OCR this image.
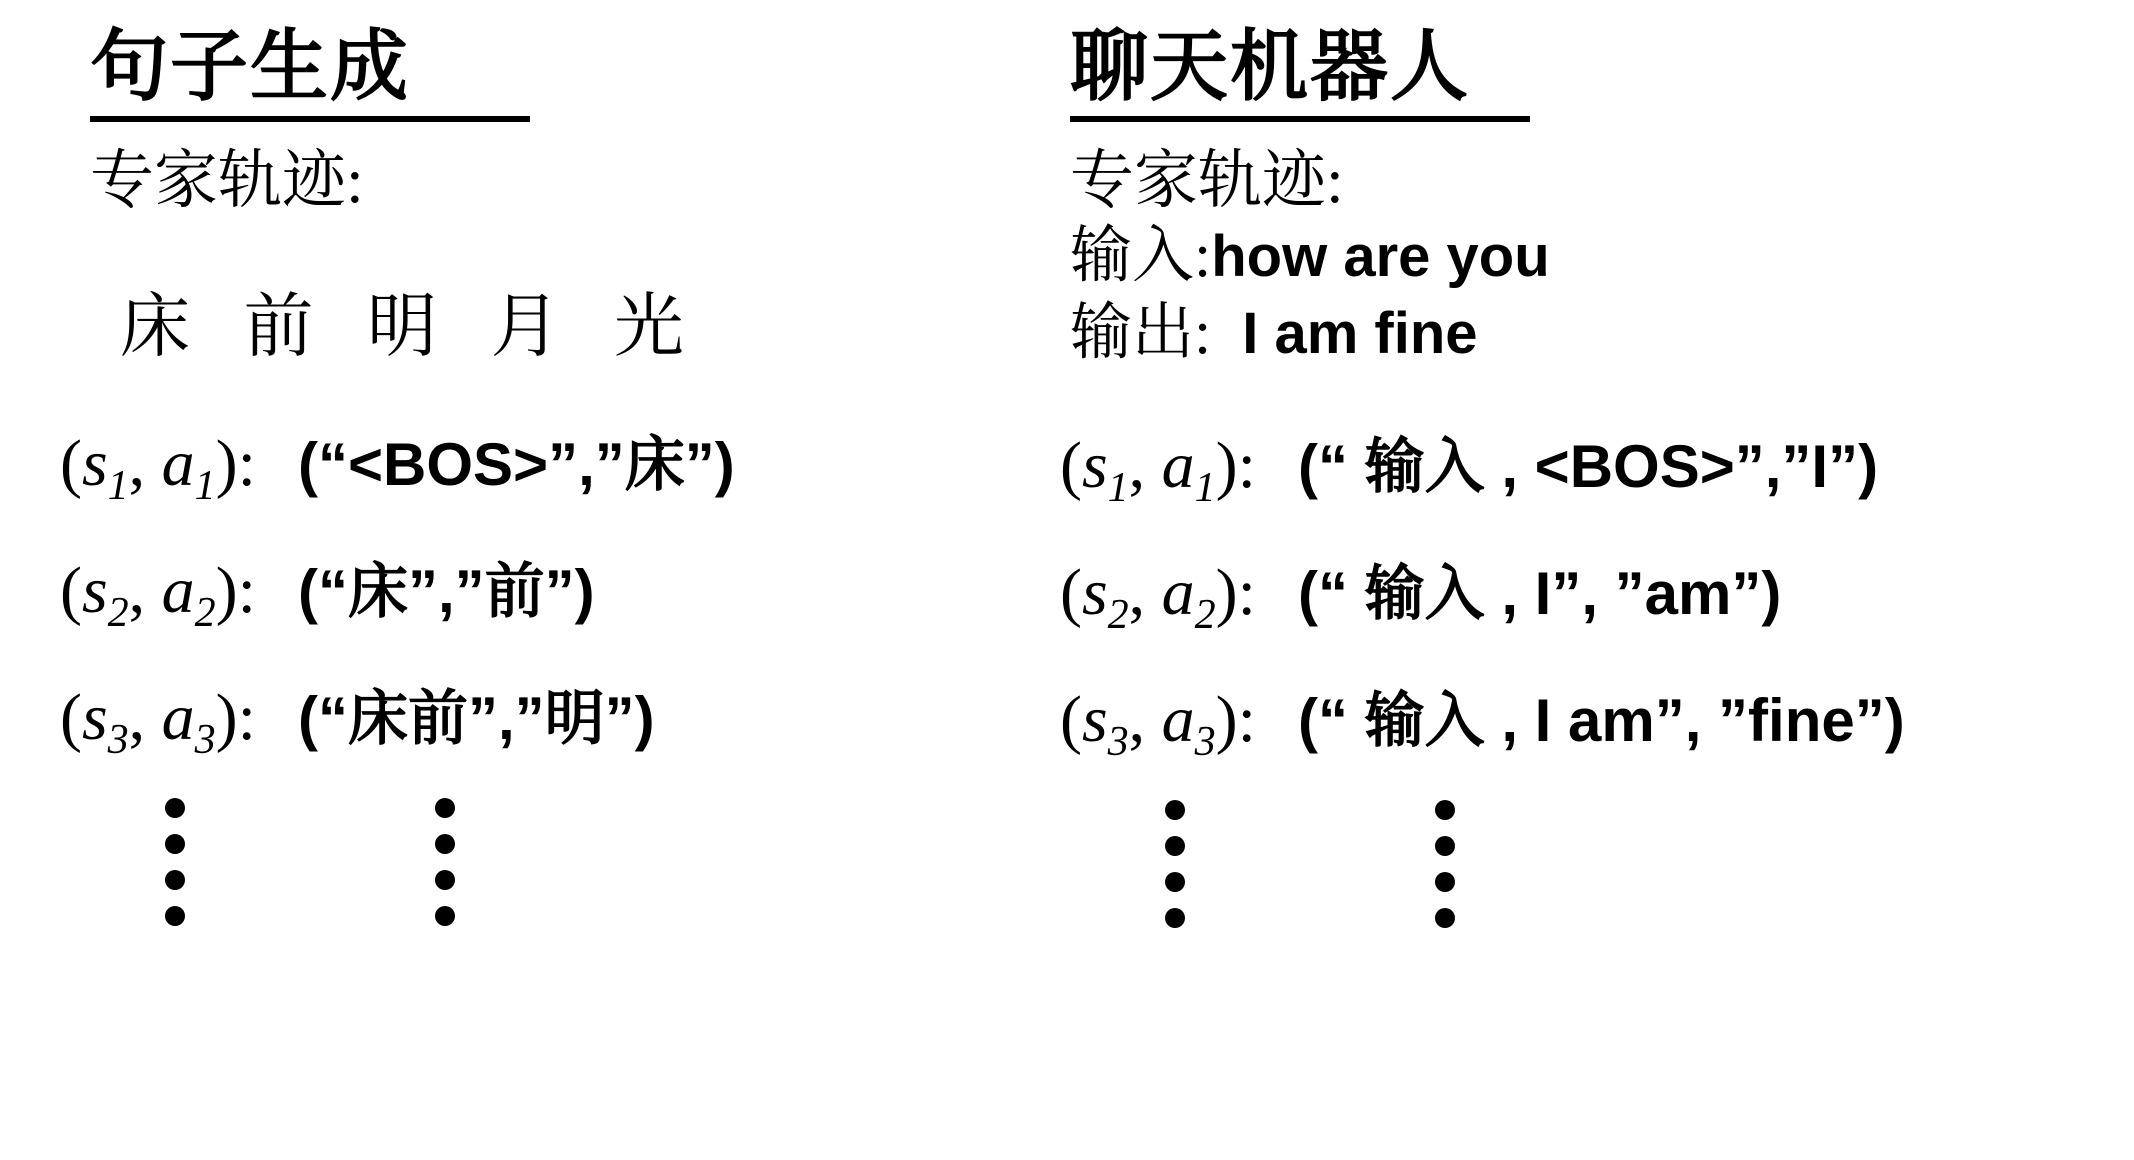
句子生成
专家轨迹:
床 前 明 月 光
($s_1$, $a_1$): (“<BOS>”,”床”)
($s_2$, $a_2$): (“床”,”前”)
($s_3$, $a_3$): (“床前”,”明”)
聊天机器人
专家轨迹:
输入:how are you
输出: I am fine
($s_1$, $a_1$): (“ 输入 , <BOS>”,”I”)
($s_2$, $a_2$): (“ 输入 , I”, ”am”)
($s_3$, $a_3$): (“ 输入 , I am”, ”fine”)
